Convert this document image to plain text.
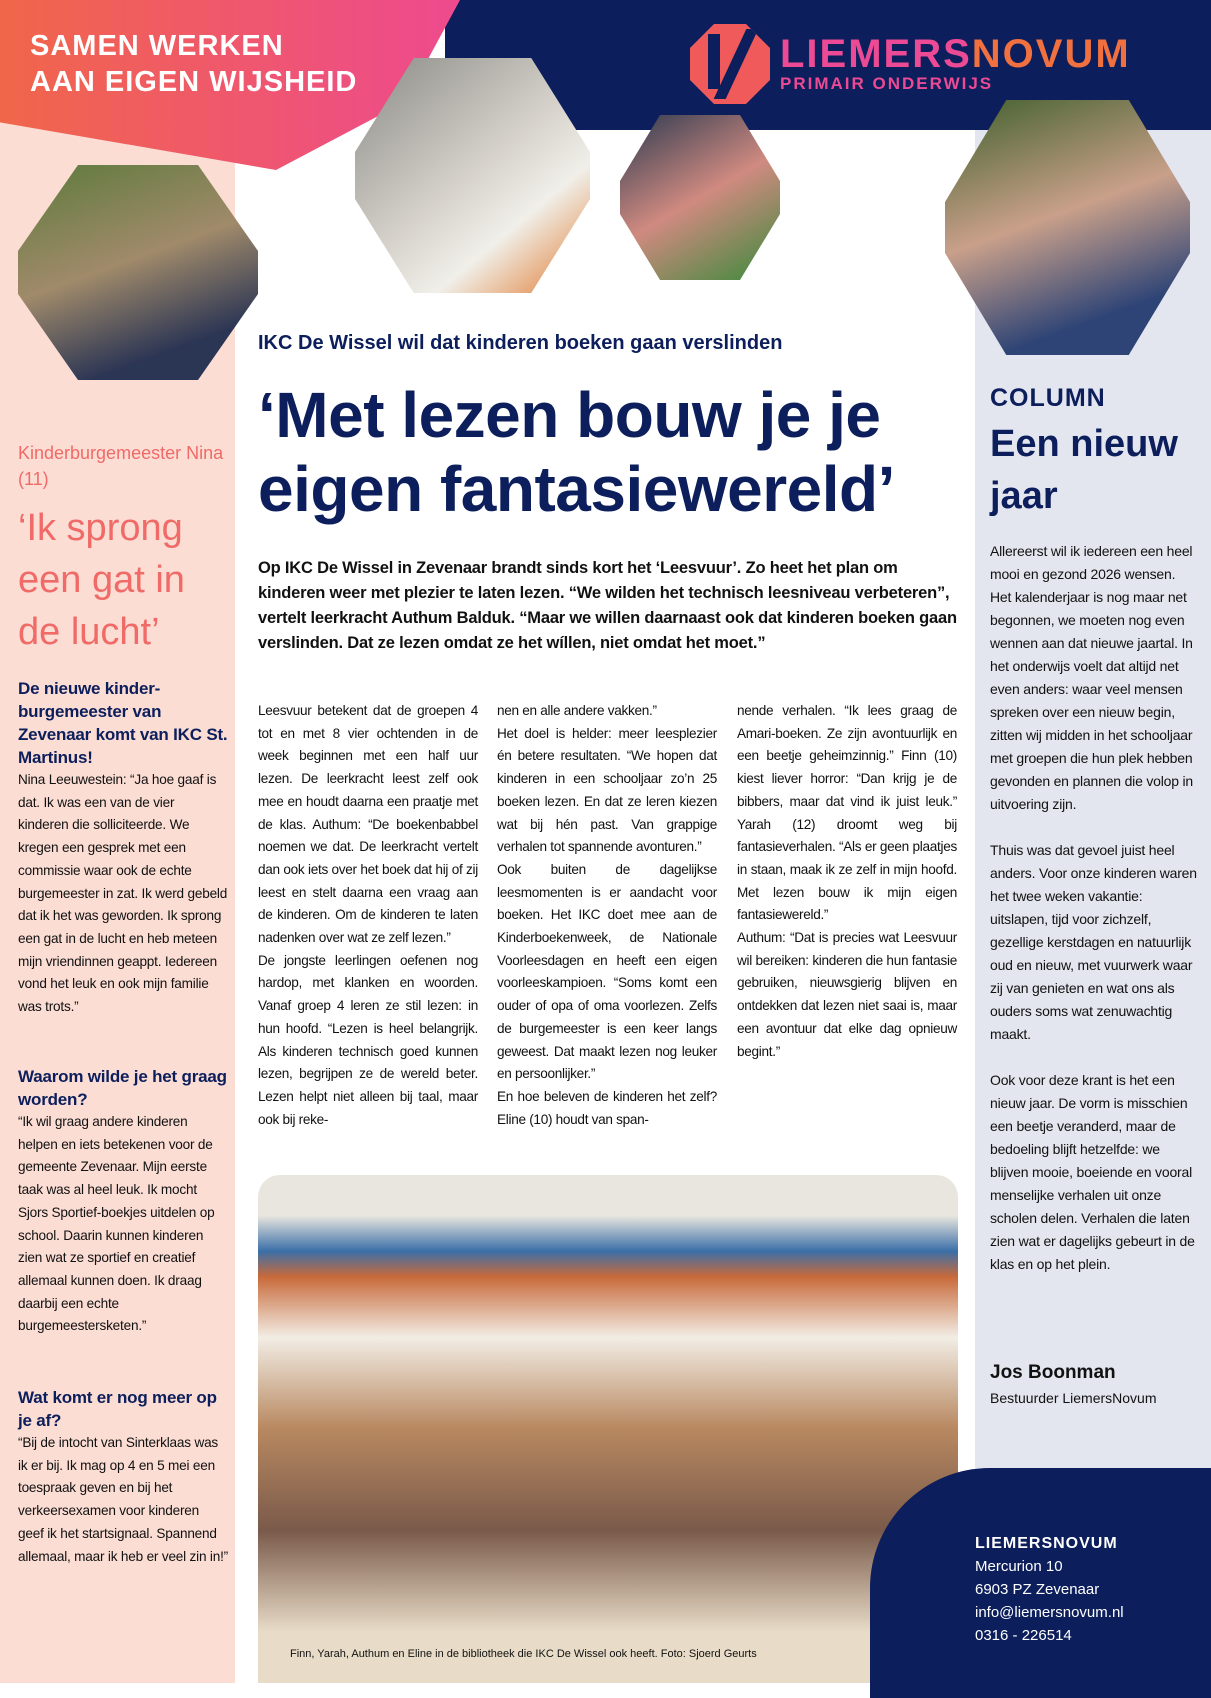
SAMEN WERKEN
AAN EIGEN WIJSHEID
LIEMERSNOVUM
PRIMAIR ONDERWIJS
IKC De Wissel wil dat kinderen boeken gaan verslinden
‘Met lezen bouw je je eigen fantasiewereld’

Op IKC De Wissel in Zevenaar brandt sinds kort het ‘Leesvuur’. Zo heet het plan om kinderen weer met plezier te laten lezen. “We wilden het technisch leesniveau verbeteren”, vertelt leerkracht Authum Balduk. “Maar we willen daarnaast ook dat kinderen boeken gaan verslinden. Dat ze lezen omdat ze het wíllen, niet omdat het moet.”

Leesvuur betekent dat de groepen 4 tot en met 8 vier ochtenden in de week beginnen met een half uur lezen. De leerkracht leest zelf ook mee en houdt daarna een praatje met de klas. Authum: “De boekenbabbel noemen we dat. De leerkracht vertelt dan ook iets over het boek dat hij of zij leest en stelt daarna een vraag aan de kinderen. Om de kinderen te laten nadenken over wat ze zelf lezen.”
De jongste leerlingen oefenen nog hardop, met klanken en woorden. Vanaf groep 4 leren ze stil lezen: in hun hoofd. “Lezen is heel belangrijk. Als kinderen technisch goed kunnen lezen, begrijpen ze de wereld beter. Lezen helpt niet alleen bij taal, maar ook bij reke-

nen en alle andere vakken.”
Het doel is helder: meer leesplezier én betere resultaten. “We hopen dat kinderen in een schooljaar zo’n 25 boeken lezen. En dat ze leren kiezen wat bij hén past. Van grappige verhalen tot spannende avonturen.”
Ook buiten de dagelijkse leesmomenten is er aandacht voor boeken. Het IKC doet mee aan de Kinderboekenweek, de Nationale Voorleesdagen en heeft een eigen voorleeskampioen. “Soms komt een ouder of opa of oma voorlezen. Zelfs de burgemeester is een keer langs geweest. Dat maakt lezen nog leuker en persoonlijker.”
En hoe beleven de kinderen het zelf? Eline (10) houdt van span-

nende verhalen. “Ik lees graag de Amari-boeken. Ze zijn avontuurlijk en een beetje geheimzinnig.” Finn (10) kiest liever horror: “Dan krijg je de bibbers, maar dat vind ik juist leuk.” Yarah (12) droomt weg bij fantasieverhalen. “Als er geen plaatjes in staan, maak ik ze zelf in mijn hoofd. Met lezen bouw ik mijn eigen fantasiewereld.”
Authum: “Dat is precies wat Leesvuur wil bereiken: kinderen die hun fantasie gebruiken, nieuwsgierig blijven en ontdekken dat lezen niet saai is, maar een avontuur dat elke dag opnieuw begint.”

Finn, Yarah, Authum en Eline in de bibliotheek die IKC De Wissel ook heeft. Foto: Sjoerd Geurts
Kinderburgemeester Nina (11)
‘Ik sprong een gat in de lucht’
De nieuwe kinder-burgemeester van Zevenaar komt van IKC St. Martinus!

Nina Leeuwestein: “Ja hoe gaaf is dat. Ik was een van de vier kinderen die solliciteerde. We kregen een gesprek met een commissie waar ook de echte burgemeester in zat. Ik werd gebeld dat ik het was geworden. Ik sprong een gat in de lucht en heb meteen mijn vriendinnen geappt. Iedereen vond het leuk en ook mijn familie was trots.”

Waarom wilde je het graag worden?

“Ik wil graag andere kinderen helpen en iets betekenen voor de gemeente Zevenaar. Mijn eerste taak was al heel leuk. Ik mocht Sjors Sportief-boekjes uitdelen op school. Daarin kunnen kinderen zien wat ze sportief en creatief allemaal kunnen doen. Ik draag daarbij een echte burgemeestersketen.”

Wat komt er nog meer op je af?

“Bij de intocht van Sinterklaas was ik er bij. Ik mag op 4 en 5 mei een toespraak geven en bij het verkeersexamen voor kinderen geef ik het startsignaal. Spannend allemaal, maar ik heb er veel zin in!”

COLUMN
Een nieuw jaar

Allereerst wil ik iedereen een heel mooi en gezond 2026 wensen. Het kalenderjaar is nog maar net begonnen, we moeten nog even wennen aan dat nieuwe jaartal. In het onderwijs voelt dat altijd net even anders: waar veel mensen spreken over een nieuw begin, zitten wij midden in het schooljaar met groepen die hun plek hebben gevonden en plannen die volop in uitvoering zijn.

Thuis was dat gevoel juist heel anders. Voor onze kinderen waren het twee weken vakantie: uitslapen, tijd voor zichzelf, gezellige kerstdagen en natuurlijk oud en nieuw, met vuurwerk waar zij van genieten en wat ons als ouders soms wat zenuwachtig maakt.

Ook voor deze krant is het een nieuw jaar. De vorm is misschien een beetje veranderd, maar de bedoeling blijft hetzelfde: we blijven mooie, boeiende en vooral menselijke verhalen uit onze scholen delen. Verhalen die laten zien wat er dagelijks gebeurt in de klas en op het plein.

Jos Boonman
Bestuurder LiemersNovum
LIEMERSNOVUM
Mercurion 10
6903 PZ Zevenaar
info@liemersnovum.nl
0316 - 226514
